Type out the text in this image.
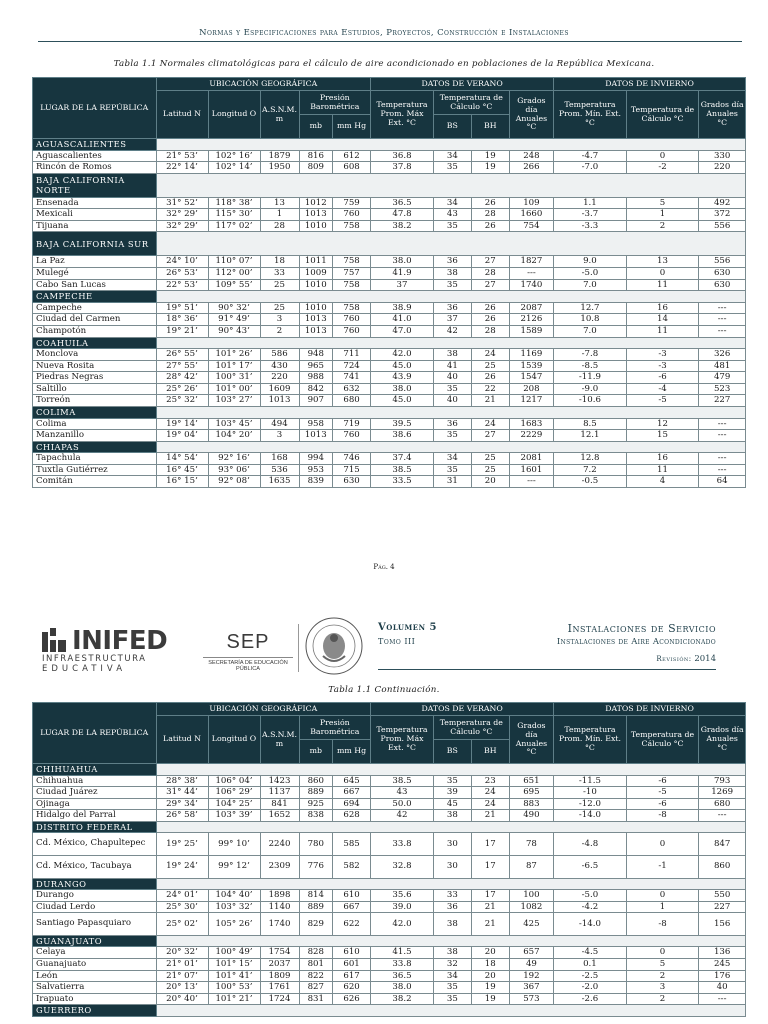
Normas y Especificaciones para Estudios, Proyectos, Construcción e Instalaciones
Tabla 1.1 Normales climatológicas para el cálculo de aire acondicionado en poblaciones de la República Mexicana.
LUGAR DE LA REPÚBLICA	UBICACIÓN GEOGRÁFICA					DATOS DE VERANO				DATOS DE INVIERNO		
	Latitud N	Longitud O	A.S.N.M. m	Presión Barométrica		Temperatura Prom. Máx Ext. °C	Temperatura de Cálculo °C		Grados día Anuales °C	Temperatura Prom. Mín. Ext. °C	Temperatura de Cálculo °C	Grados día Anuales °C
				mb	mm Hg		BS	BH				
AGUASCALIENTES												
Aguascalientes	21° 53’	102° 16’	1879	816	612	36.8	34	19	248	-4.7	0	330
Rincón de Romos	22° 14’	102° 14’	1950	809	608	37.8	35	19	266	-7.0	-2	220
BAJA CALIFORNIA NORTE												
Ensenada	31° 52’	118° 38’	13	1012	759	36.5	34	26	109	1.1	5	492
Mexicali	32° 29’	115° 30’	1	1013	760	47.8	43	28	1660	-3.7	1	372
Tijuana	32° 29’	117° 02’	28	1010	758	38.2	35	26	754	-3.3	2	556
BAJA CALIFORNIA SUR												
La Paz	24° 10’	110° 07’	18	1011	758	38.0	36	27	1827	9.0	13	556
Mulegé	26° 53’	112° 00’	33	1009	757	41.9	38	28	---	-5.0	0	630
Cabo San Lucas	22° 53’	109° 55’	25	1010	758	37	35	27	1740	7.0	11	630
CAMPECHE												
Campeche	19° 51’	90° 32’	25	1010	758	38.9	36	26	2087	12.7	16	---
Ciudad del Carmen	18° 36’	91° 49’	3	1013	760	41.0	37	26	2126	10.8	14	---
Champotón	19° 21’	90° 43’	2	1013	760	47.0	42	28	1589	7.0	11	---
COAHUILA												
Monclova	26° 55’	101° 26’	586	948	711	42.0	38	24	1169	-7.8	-3	326
Nueva Rosita	27° 55’	101° 17’	430	965	724	45.0	41	25	1539	-8.5	-3	481
Piedras Negras	28° 42’	100° 31’	220	988	741	43.9	40	26	1547	-11.9	-6	479
Saltillo	25° 26’	101° 00’	1609	842	632	38.0	35	22	208	-9.0	-4	523
Torreón	25° 32’	103° 27’	1013	907	680	45.0	40	21	1217	-10.6	-5	227
COLIMA												
Colima	19° 14’	103° 45’	494	958	719	39.5	36	24	1683	8.5	12	---
Manzanillo	19° 04’	104° 20’	3	1013	760	38.6	35	27	2229	12.1	15	---
CHIAPAS												
Tapachula	14° 54’	92° 16’	168	994	746	37.4	34	25	2081	12.8	16	---
Tuxtla Gutiérrez	16° 45’	93° 06’	536	953	715	38.5	35	25	1601	7.2	11	---
Comitán	16° 15’	92° 08’	1635	839	630	33.5	31	20	---	-0.5	4	64
Pág. 4
INIFED
INFRAESTRUCTURA
EDUCATIVA
SEP
SECRETARÍA DE EDUCACIÓN PÚBLICA
Volumen 5
Tomo III
Instalaciones de Servicio
Instalaciones de Aire Acondicionado
Revisión: 2014
Tabla 1.1 Continuación.
LUGAR DE LA REPÚBLICA	UBICACIÓN GEOGRÁFICA					DATOS DE VERANO				DATOS DE INVIERNO		
	Latitud N	Longitud O	A.S.N.M. m	Presión Barométrica		Temperatura Prom. Máx Ext. °C	Temperatura de Cálculo °C		Grados día Anuales °C	Temperatura Prom. Mín. Ext. °C	Temperatura de Cálculo °C	Grados día Anuales °C
				mb	mm Hg		BS	BH				
CHIHUAHUA												
Chihuahua	28° 38’	106° 04’	1423	860	645	38.5	35	23	651	-11.5	-6	793
Ciudad Juárez	31° 44’	106° 29’	1137	889	667	43	39	24	695	-10	-5	1269
Ojinaga	29° 34’	104° 25’	841	925	694	50.0	45	24	883	-12.0	-6	680
Hidalgo del Parral	26° 58’	103° 39’	1652	838	628	42	38	21	490	-14.0	-8	---
DISTRITO FEDERAL												
Cd. México, Chapultepec	19° 25’	99° 10’	2240	780	585	33.8	30	17	78	-4.8	0	847
Cd. México, Tacubaya	19° 24’	99° 12’	2309	776	582	32.8	30	17	87	-6.5	-1	860
DURANGO												
Durango	24° 01’	104° 40’	1898	814	610	35.6	33	17	100	-5.0	0	550
Ciudad Lerdo	25° 30’	103° 32’	1140	889	667	39.0	36	21	1082	-4.2	1	227
Santiago Papasquiaro	25° 02’	105° 26’	1740	829	622	42.0	38	21	425	-14.0	-8	156
GUANAJUATO												
Celaya	20° 32’	100° 49’	1754	828	610	41.5	38	20	657	-4.5	0	136
Guanajuato	21° 01’	101° 15’	2037	801	601	33.8	32	18	49	0.1	5	245
León	21° 07’	101° 41’	1809	822	617	36.5	34	20	192	-2.5	2	176
Salvatierra	20° 13’	100° 53’	1761	827	620	38.0	35	19	367	-2.0	3	40
Irapuato	20° 40’	101° 21’	1724	831	626	38.2	35	19	573	-2.6	2	---
GUERRERO												
